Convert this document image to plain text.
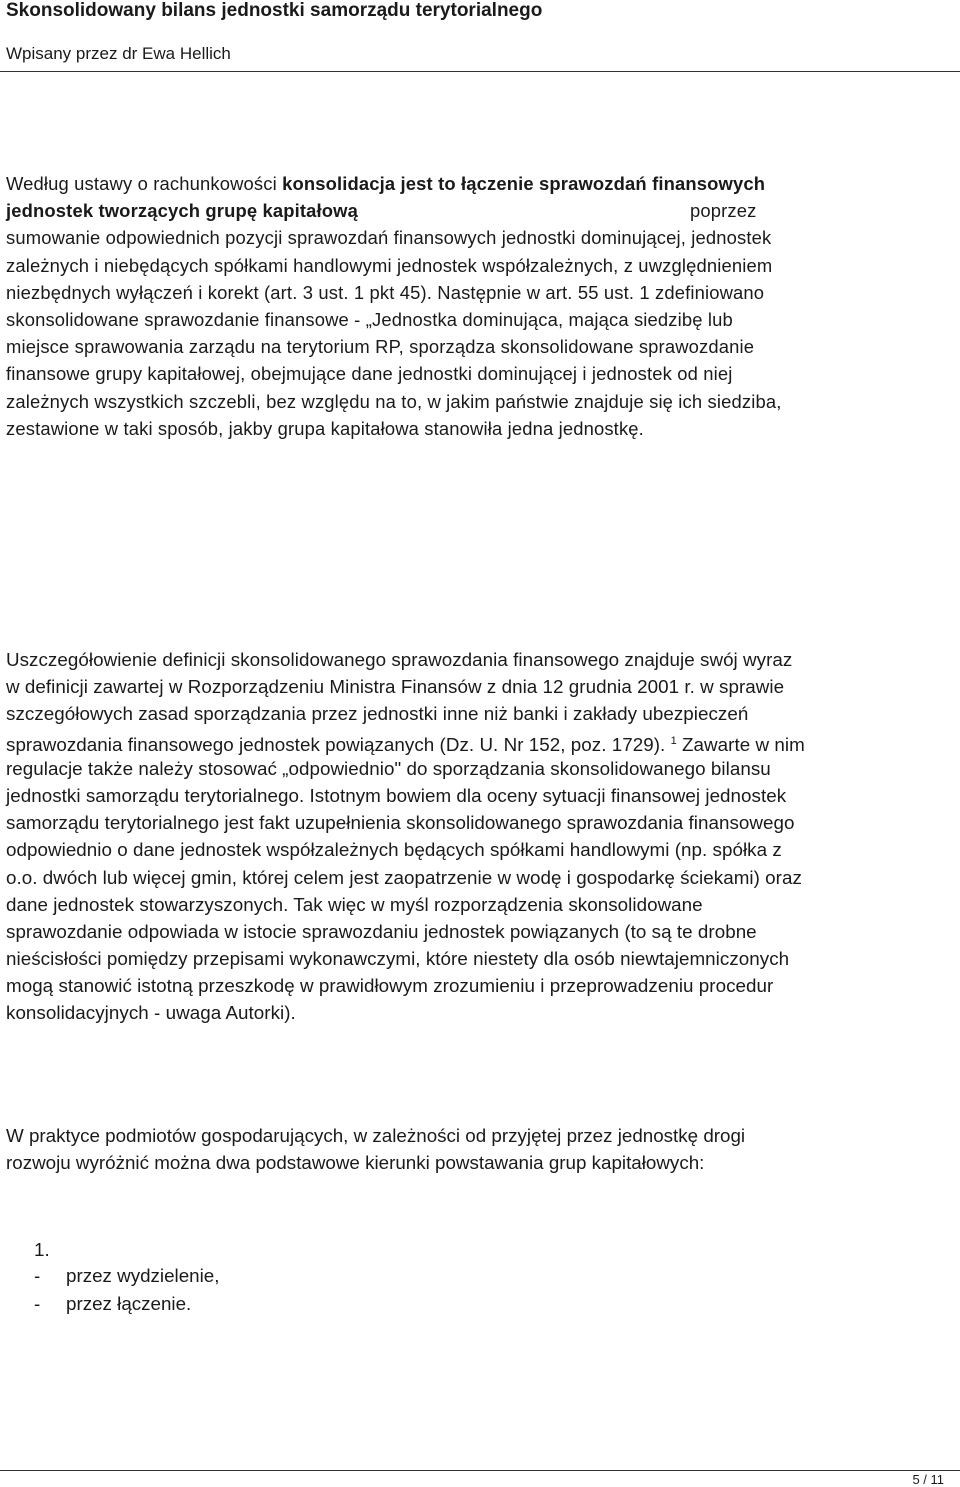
Skonsolidowany bilans jednostki samorządu terytorialnego
Wpisany przez dr Ewa Hellich
Według ustawy o rachunkowości konsolidacja jest to łączenie sprawozdań finansowych
jednostek tworzących grupę kapitałową	poprzez
sumowanie odpowiednich pozycji sprawozdań finansowych jednostki dominującej, jednostek
zależnych i niebędących spółkami handlowymi jednostek współzależnych, z uwzględnieniem
niezbędnych wyłączeń i korekt (art. 3 ust. 1 pkt 45). Następnie w art. 55 ust. 1 zdefiniowano
skonsolidowane sprawozdanie finansowe - „Jednostka dominująca, mająca siedzibę lub
miejsce sprawowania zarządu na terytorium RP, sporządza skonsolidowane sprawozdanie
finansowe grupy kapitałowej, obejmujące dane jednostki dominującej i jednostek od niej
zależnych wszystkich szczebli, bez względu na to, w jakim państwie znajduje się ich siedziba,
zestawione w taki sposób, jakby grupa kapitałowa stanowiła jedna jednostkę.
Uszczegółowienie definicji skonsolidowanego sprawozdania finansowego znajduje swój wyraz
w definicji zawartej w Rozporządzeniu Ministra Finansów z dnia 12 grudnia 2001 r. w sprawie
szczegółowych zasad sporządzania przez jednostki inne niż banki i zakłady ubezpieczeń
sprawozdania finansowego jednostek powiązanych (Dz. U. Nr 152, poz. 1729). $^1$ Zawarte w nim
regulacje także należy stosować „odpowiednio" do sporządzania skonsolidowanego bilansu
jednostki samorządu terytorialnego. Istotnym bowiem dla oceny sytuacji finansowej jednostek
samorządu terytorialnego jest fakt uzupełnienia skonsolidowanego sprawozdania finansowego
odpowiednio o dane jednostek współzależnych będących spółkami handlowymi (np. spółka z
o.o. dwóch lub więcej gmin, której celem jest zaopatrzenie w wodę i gospodarkę ściekami) oraz
dane jednostek stowarzyszonych. Tak więc w myśl rozporządzenia skonsolidowane
sprawozdanie odpowiada w istocie sprawozdaniu jednostek powiązanych (to są te drobne
nieścisłości pomiędzy przepisami wykonawczymi, które niestety dla osób niewtajemniczonych
mogą stanowić istotną przeszkodę w prawidłowym zrozumieniu i przeprowadzeniu procedur
konsolidacyjnych - uwaga Autorki).
W praktyce podmiotów gospodarujących, w zależności od przyjętej przez jednostkę drogi
rozwoju wyróżnić można dwa podstawowe kierunki powstawania grup kapitałowych:
1.
- przez wydzielenie,
- przez łączenie.
5 / 11
